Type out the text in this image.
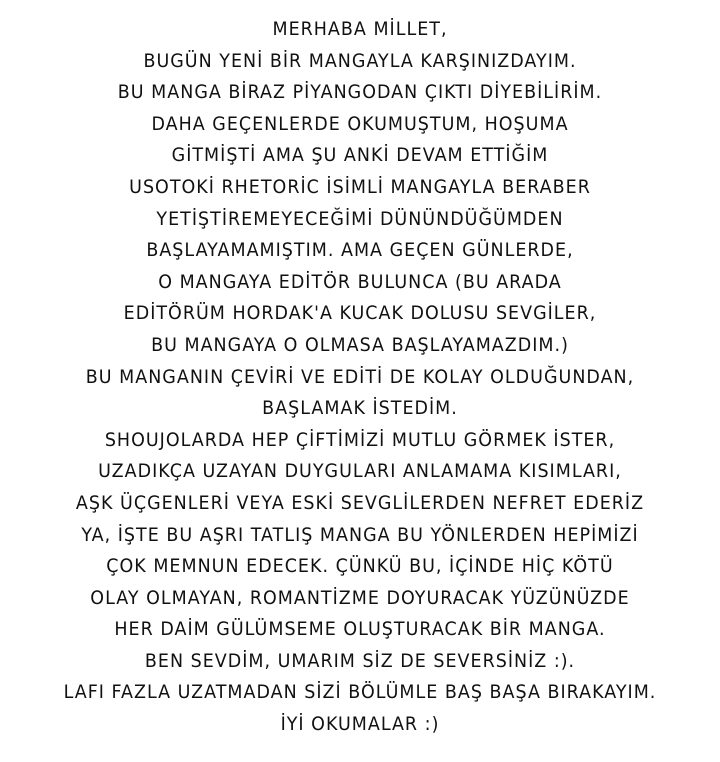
MERHABA MİLLET,
BUGÜN YENİ BİR MANGAYLA KARŞINIZDAYIM.
BU MANGA BİRAZ PİYANGODAN ÇIKTI DİYEBİLİRİM.
DAHA GEÇENLERDE OKUMUŞTUM, HOŞUMA
GİTMİŞTİ AMA ŞU ANKİ DEVAM ETTİĞİM
USOTOKİ RHETORİC İSİMLİ MANGAYLA BERABER
YETİŞTİREMEYECEĞİMİ DÜNÜNDÜĞÜMDEN
BAŞLAYAMAMIŞTIM. AMA GEÇEN GÜNLERDE,
O MANGAYA EDİTÖR BULUNCA (BU ARADA
EDİTÖRÜM HORDAK'A KUCAK DOLUSU SEVGİLER,
BU MANGAYA O OLMASA BAŞLAYAMAZDIM.)
BU MANGANIN ÇEVİRİ VE EDİTİ DE KOLAY OLDUĞUNDAN,
BAŞLAMAK İSTEDİM.
SHOUJOLARDA HEP ÇİFTİMİZİ MUTLU GÖRMEK İSTER,
UZADIKÇA UZAYAN DUYGULARI ANLAMAMA KISIMLARI,
AŞK ÜÇGENLERİ VEYA ESKİ SEVGLİLERDEN NEFRET EDERİZ
YA, İŞTE BU AŞRI TATLIŞ MANGA BU YÖNLERDEN HEPİMİZİ
ÇOK MEMNUN EDECEK. ÇÜNKÜ BU, İÇİNDE HİÇ KÖTÜ
OLAY OLMAYAN, ROMANTİZME DOYURACAK YÜZÜNÜZDE
HER DAİM GÜLÜMSEME OLUŞTURACAK BİR MANGA.
BEN SEVDİM, UMARIM SİZ DE SEVERSİNİZ :).
LAFI FAZLA UZATMADAN SİZİ BÖLÜMLE BAŞ BAŞA BIRAKAYIM.
İYİ OKUMALAR :)
